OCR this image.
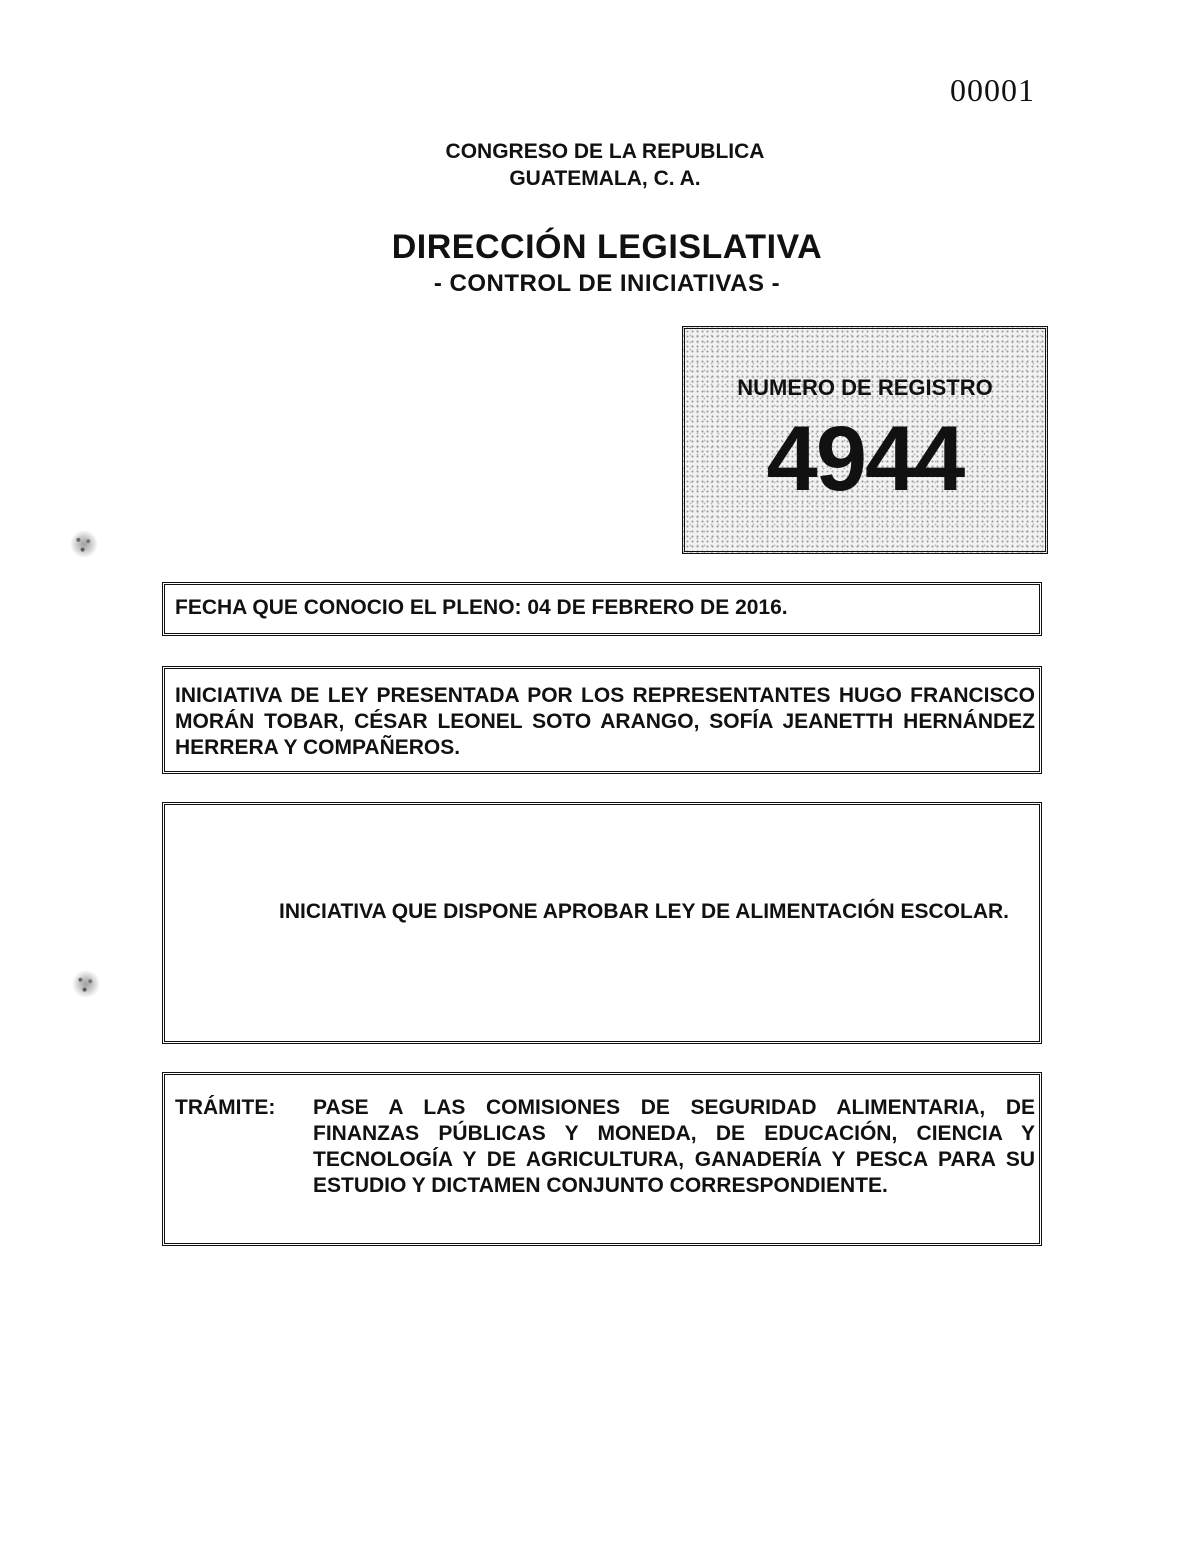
00001
CONGRESO DE LA REPUBLICA
GUATEMALA, C. A.
DIRECCIÓN LEGISLATIVA
- CONTROL DE INICIATIVAS -
NUMERO DE REGISTRO
4944
FECHA QUE CONOCIO EL PLENO: 04 DE FEBRERO DE 2016.
INICIATIVA DE LEY PRESENTADA POR LOS REPRESENTANTES HUGO FRANCISCO MORÁN TOBAR, CÉSAR LEONEL SOTO ARANGO, SOFÍA JEANETTH HERNÁNDEZ HERRERA Y COMPAÑEROS.
INICIATIVA QUE DISPONE APROBAR LEY DE ALIMENTACIÓN ESCOLAR.
TRÁMITE: PASE A LAS COMISIONES DE SEGURIDAD ALIMENTARIA, DE FINANZAS PÚBLICAS Y MONEDA, DE EDUCACIÓN, CIENCIA Y TECNOLOGÍA Y DE AGRICULTURA, GANADERÍA Y PESCA PARA SU ESTUDIO Y DICTAMEN CONJUNTO CORRESPONDIENTE.
